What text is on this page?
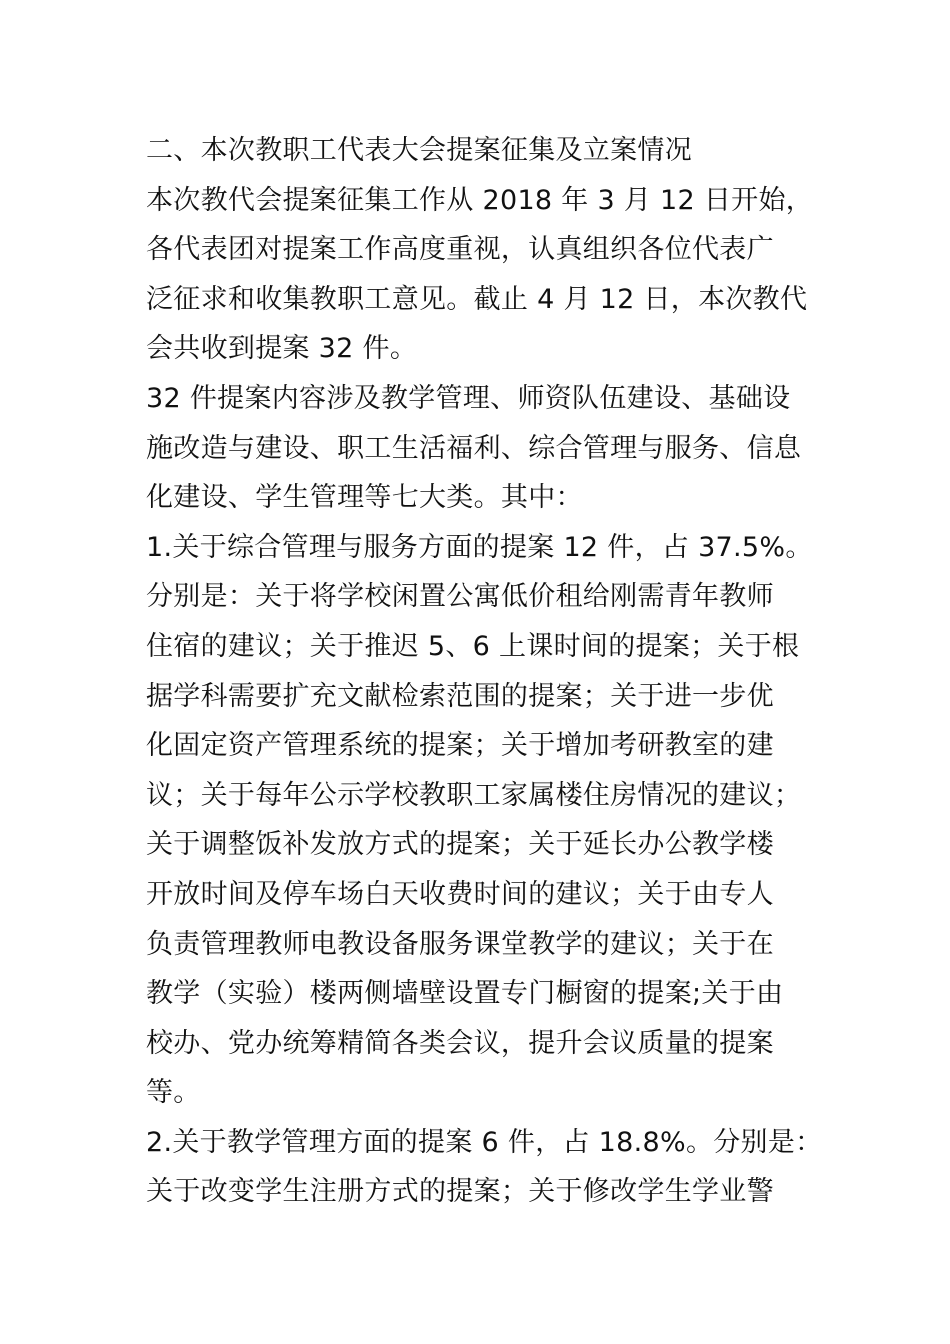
二、本次教职工代表大会提案征集及立案情况
本次教代会提案征集工作从 2018 年 3 月 12 日开始，
各代表团对提案工作高度重视，认真组织各位代表广
泛征求和收集教职工意见。截止 4 月 12 日，本次教代
会共收到提案 32 件。
32 件提案内容涉及教学管理、师资队伍建设、基础设
施改造与建设、职工生活福利、综合管理与服务、信息
化建设、学生管理等七大类。其中：
1.关于综合管理与服务方面的提案 12 件，占 37.5%。
分别是：关于将学校闲置公寓低价租给刚需青年教师
住宿的建议；关于推迟 5、6 上课时间的提案；关于根
据学科需要扩充文献检索范围的提案；关于进一步优
化固定资产管理系统的提案；关于增加考研教室的建
议；关于每年公示学校教职工家属楼住房情况的建议；
关于调整饭补发放方式的提案；关于延长办公教学楼
开放时间及停车场白天收费时间的建议；关于由专人
负责管理教师电教设备服务课堂教学的建议；关于在
教学（实验）楼两侧墙壁设置专门橱窗的提案;关于由
校办、党办统筹精简各类会议，提升会议质量的提案
等。
2.关于教学管理方面的提案 6 件，占 18.8%。分别是：
关于改变学生注册方式的提案；关于修改学生学业警
